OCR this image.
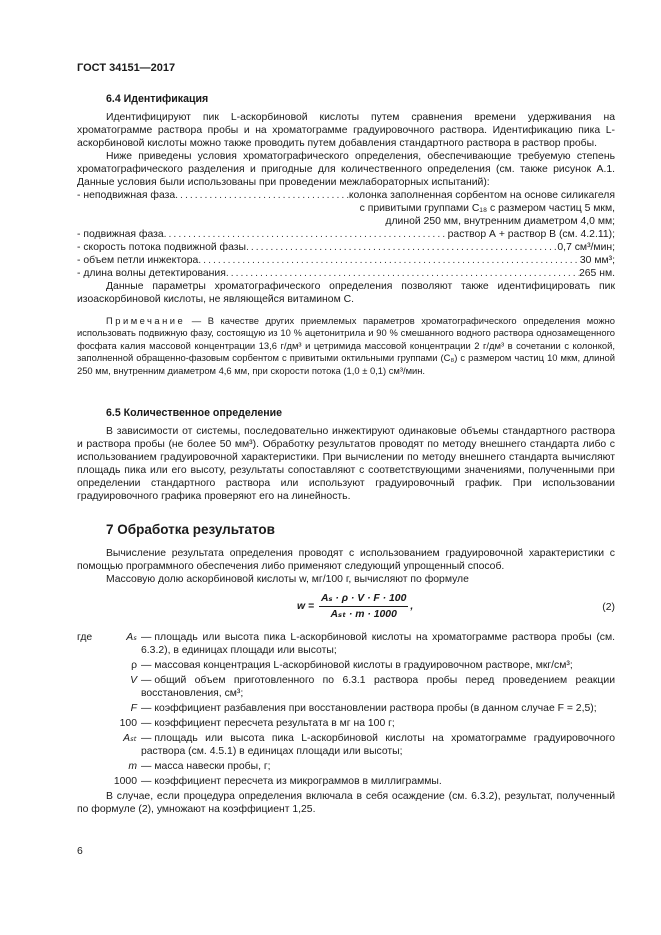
ГОСТ 34151—2017
6.4 Идентификация

Идентифицируют пик L-аскорбиновой кислоты путем сравнения времени удерживания на хроматограмме раствора пробы и на хроматограмме градуировочного раствора. Идентификацию пика L-аскорбиновой кислоты можно также проводить путем добавления стандартного раствора в раствор пробы.

Ниже приведены условия хроматографического определения, обеспечивающие требуемую степень хроматографического разделения и пригодные для количественного определения (см. также рисунок А.1. Данные условия были использованы при проведении межлабораторных испытаний):

- неподвижная фаза .....	колонка заполненная сорбентом на основе силикагеля
с привитыми группами C₁₈ с размером частиц 5 мкм,
длиной 250 мм, внутренним диаметром 4,0 мм;
- подвижная фаза .....	раствор А + раствор В (см. 4.2.11);
- скорость потока подвижной фазы .....	0,7 см³/мин;
- объем петли инжектора .....	30 мм³;
- длина волны детектирования .....	265 нм.

Данные параметры хроматографического определения позволяют также идентифицировать пик изоаскорбиновой кислоты, не являющейся витамином С.

Примечание — В качестве других приемлемых параметров хроматографического определения можно использовать подвижную фазу, состоящую из 10 % ацетонитрила и 90 % смешанного водного раствора однозамещенного фосфата калия массовой концентрации 13,6 г/дм³ и цетримида массовой концентрации 2 г/дм³ в сочетании с колонкой, заполненной обращенно-фазовым сорбентом с привитыми октильными группами (C₈) с размером частиц 10 мкм, длиной 250 мм, внутренним диаметром 4,6 мм, при скорости потока (1,0 ± 0,1) см³/мин.

6.5 Количественное определение

В зависимости от системы, последовательно инжектируют одинаковые объемы стандартного раствора и раствора пробы (не более 50 мм³). Обработку результатов проводят по методу внешнего стандарта либо с использованием градуировочной характеристики. При вычислении по методу внешнего стандарта вычисляют площадь пика или его высоту, результаты сопоставляют с соответствующими значениями, полученными при определении стандартного раствора или используют градуировочный график. При использовании градуировочного графика проверяют его на линейность.

7 Обработка результатов

Вычисление результата определения проводят с использованием градуировочной характеристики с помощью программного обеспечения либо применяют следующий упрощенный способ.

Массовую долю аскорбиновой кислоты w, мг/100 г, вычисляют по формуле

$w = \frac{\text{Aₛ · ρ · V · F · 100}}{\text{Aₛₜ · m · 1000}}$ ,	(2)
где	Aₛ — площадь или высота пика L-аскорбиновой кислоты на хроматограмме раствора пробы (см. 6.3.2), в единицах площади или высоты;
ρ — массовая концентрация L-аскорбиновой кислоты в градуировочном растворе, мкг/см³;
V — общий объем приготовленного по 6.3.1 раствора пробы перед проведением реакции восстановления, см³;
F — коэффициент разбавления при восстановлении раствора пробы (в данном случае F = 2,5);
100 — коэффициент пересчета результата в мг на 100 г;
Aₛₜ — площадь или высота пика L-аскорбиновой кислоты на хроматограмме градуировочного раствора (см. 4.5.1) в единицах площади или высоты;
m — масса навески пробы, г;
1000 — коэффициент пересчета из микрограммов в миллиграммы.

В случае, если процедура определения включала в себя осаждение (см. 6.3.2), результат, полученный по формуле (2), умножают на коэффициент 1,25.

6
